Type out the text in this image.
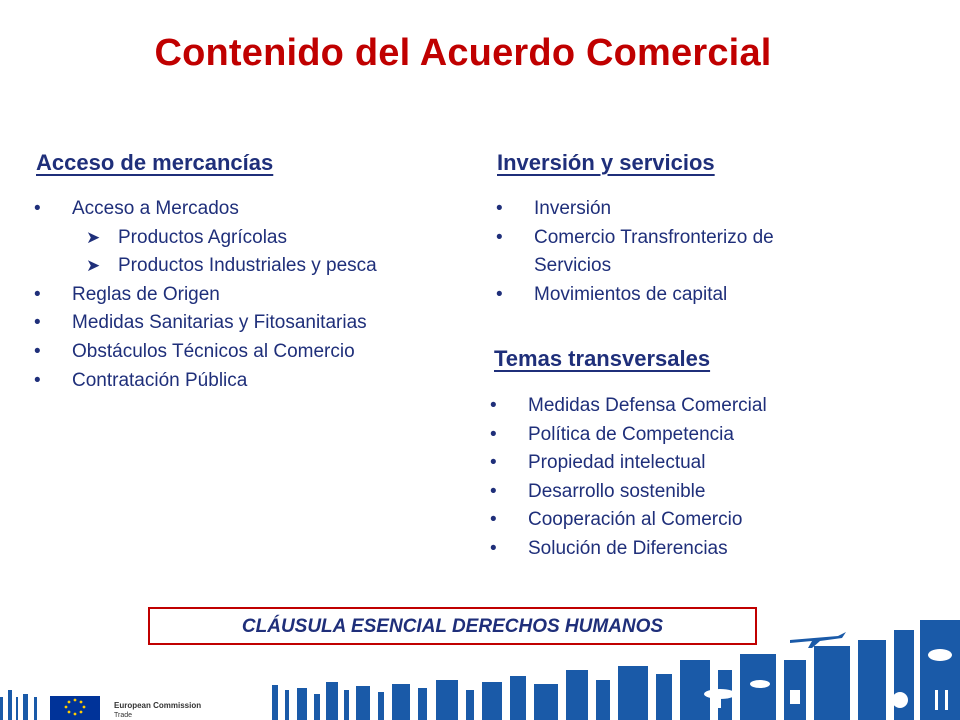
Contenido del Acuerdo Comercial
Acceso de mercancías
• Acceso a Mercados
➤ Productos Agrícolas
➤ Productos Industriales y pesca
• Reglas de Origen
• Medidas Sanitarias y Fitosanitarias
• Obstáculos Técnicos al Comercio
• Contratación Pública
Inversión y servicios
• Inversión
• Comercio Transfronterizo de
Servicios
• Movimientos de capital
Temas transversales
• Medidas Defensa Comercial
• Política de Competencia
• Propiedad intelectual
• Desarrollo sostenible
• Cooperación al Comercio
• Solución de Diferencias
CLÁUSULA ESENCIAL DERECHOS HUMANOS
European Commission
Trade
